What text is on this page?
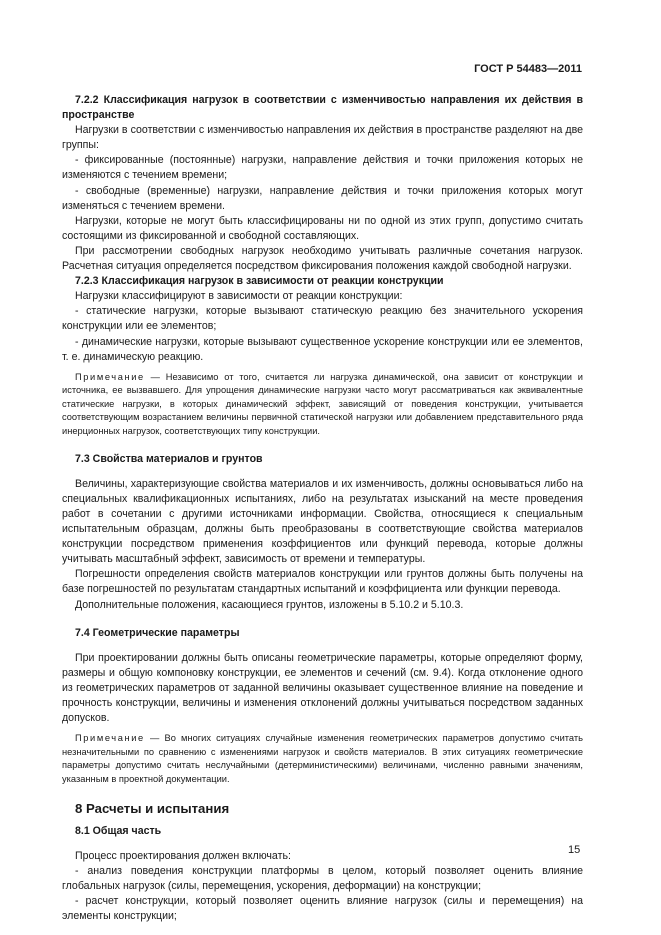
ГОСТ Р 54483—2011

7.2.2 Классификация нагрузок в соответствии с изменчивостью направления их действия в пространстве

Нагрузки в соответствии с изменчивостью направления их действия в пространстве разделяют на две группы:

- фиксированные (постоянные) нагрузки, направление действия и точки приложения которых не изменяются с течением времени;

- свободные (временные) нагрузки, направление действия и точки приложения которых могут изменяться с течением времени.

Нагрузки, которые не могут быть классифицированы ни по одной из этих групп, допустимо считать состоящими из фиксированной и свободной составляющих.

При рассмотрении свободных нагрузок необходимо учитывать различные сочетания нагрузок. Расчетная ситуация определяется посредством фиксирования положения каждой свободной нагрузки.

7.2.3 Классификация нагрузок в зависимости от реакции конструкции

Нагрузки классифицируют в зависимости от реакции конструкции:

- статические нагрузки, которые вызывают статическую реакцию без значительного ускорения конструкции или ее элементов;

- динамические нагрузки, которые вызывают существенное ускорение конструкции или ее элементов, т. е. динамическую реакцию.

Примечание — Независимо от того, считается ли нагрузка динамической, она зависит от конструкции и источника, ее вызвавшего. Для упрощения динамические нагрузки часто могут рассматриваться как эквивалентные статические нагрузки, в которых динамический эффект, зависящий от поведения конструкции, учитывается соответствующим возрастанием величины первичной статической нагрузки или добавлением представительного ряда инерционных нагрузок, соответствующих типу конструкции.

7.3 Свойства материалов и грунтов

Величины, характеризующие свойства материалов и их изменчивость, должны основываться либо на специальных квалификационных испытаниях, либо на результатах изысканий на месте проведения работ в сочетании с другими источниками информации. Свойства, относящиеся к специальным испытательным образцам, должны быть преобразованы в соответствующие свойства материалов конструкции посредством применения коэффициентов или функций перевода, которые должны учитывать масштабный эффект, зависимость от времени и температуры.

Погрешности определения свойств материалов конструкции или грунтов должны быть получены на базе погрешностей по результатам стандартных испытаний и коэффициента или функции перевода.

Дополнительные положения, касающиеся грунтов, изложены в 5.10.2 и 5.10.3.

7.4 Геометрические параметры

При проектировании должны быть описаны геометрические параметры, которые определяют форму, размеры и общую компоновку конструкции, ее элементов и сечений (см. 9.4). Когда отклонение одного из геометрических параметров от заданной величины оказывает существенное влияние на поведение и прочность конструкции, величины и изменения отклонений должны учитываться посредством заданных допусков.

Примечание — Во многих ситуациях случайные изменения геометрических параметров допустимо считать незначительными по сравнению с изменениями нагрузок и свойств материалов. В этих ситуациях геометрические параметры допустимо считать неслучайными (детерминистическими) величинами, численно равными значениям, указанным в проектной документации.

8 Расчеты и испытания

8.1 Общая часть

Процесс проектирования должен включать:

- анализ поведения конструкции платформы в целом, который позволяет оценить влияние глобальных нагрузок (силы, перемещения, ускорения, деформации) на конструкции;

- расчет конструкции, который позволяет оценить влияние нагрузок (силы и перемещения) на элементы конструкции;

15
